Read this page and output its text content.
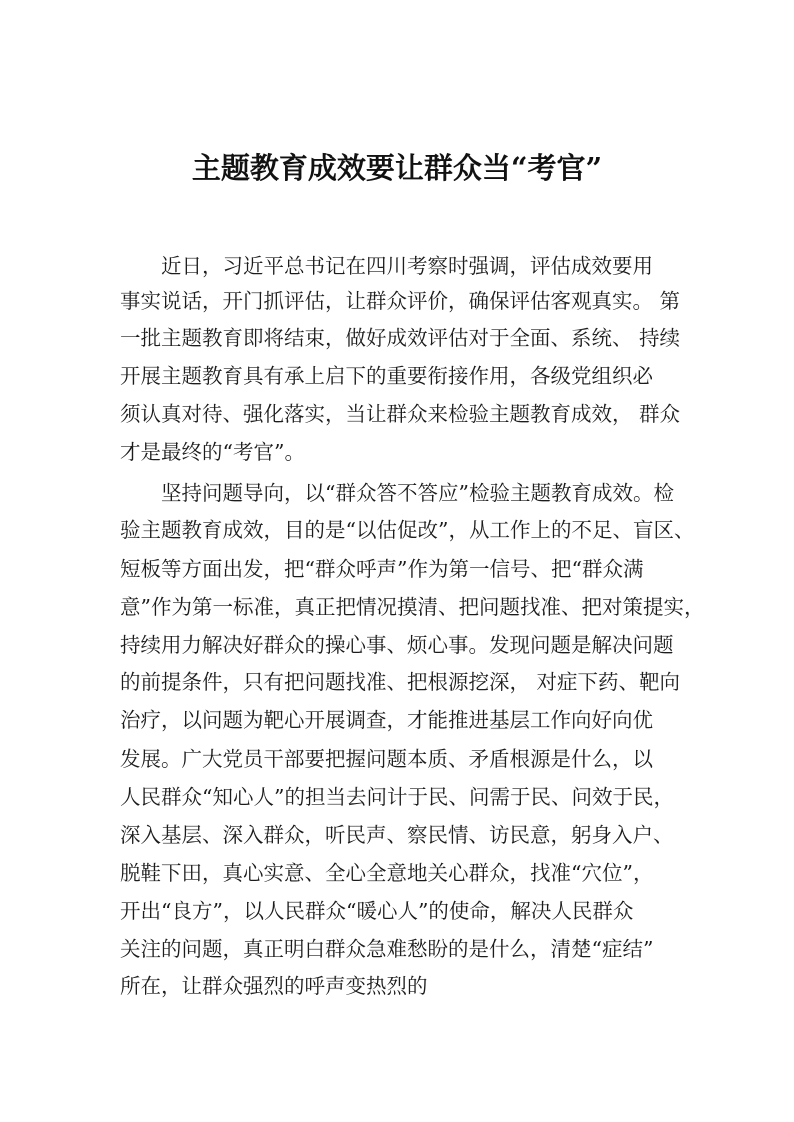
主题教育成效要让群众当“考官”
近日，习近平总书记在四川考察时强调，评估成效要用
事实说话，开门抓评估，让群众评价，确保评估客观真实。 第
一批主题教育即将结束，做好成效评估对于全面、系统、 持续
开展主题教育具有承上启下的重要衔接作用，各级党组织必
须认真对待、强化落实，当让群众来检验主题教育成效， 群众
才是最终的“考官”。
坚持问题导向，以“群众答不答应”检验主题教育成效。检
验主题教育成效，目的是“以估促改”，从工作上的不足、盲区、
短板等方面出发，把“群众呼声”作为第一信号、把“群众满
意”作为第一标准，真正把情况摸清、把问题找准、把对策提实，
持续用力解决好群众的操心事、烦心事。发现问题是解决问题
的前提条件，只有把问题找准、把根源挖深， 对症下药、靶向
治疗，以问题为靶心开展调查，才能推进基层工作向好向优
发展。广大党员干部要把握问题本质、矛盾根源是什么，以
人民群众“知心人”的担当去问计于民、问需于民、问效于民，
深入基层、深入群众，听民声、察民情、访民意，躬身入户、
脱鞋下田，真心实意、全心全意地关心群众，找准“穴位”，
开出“良方”，以人民群众“暖心人”的使命，解决人民群众
关注的问题，真正明白群众急难愁盼的是什么，清楚“症结”
所在，让群众强烈的呼声变热烈的
